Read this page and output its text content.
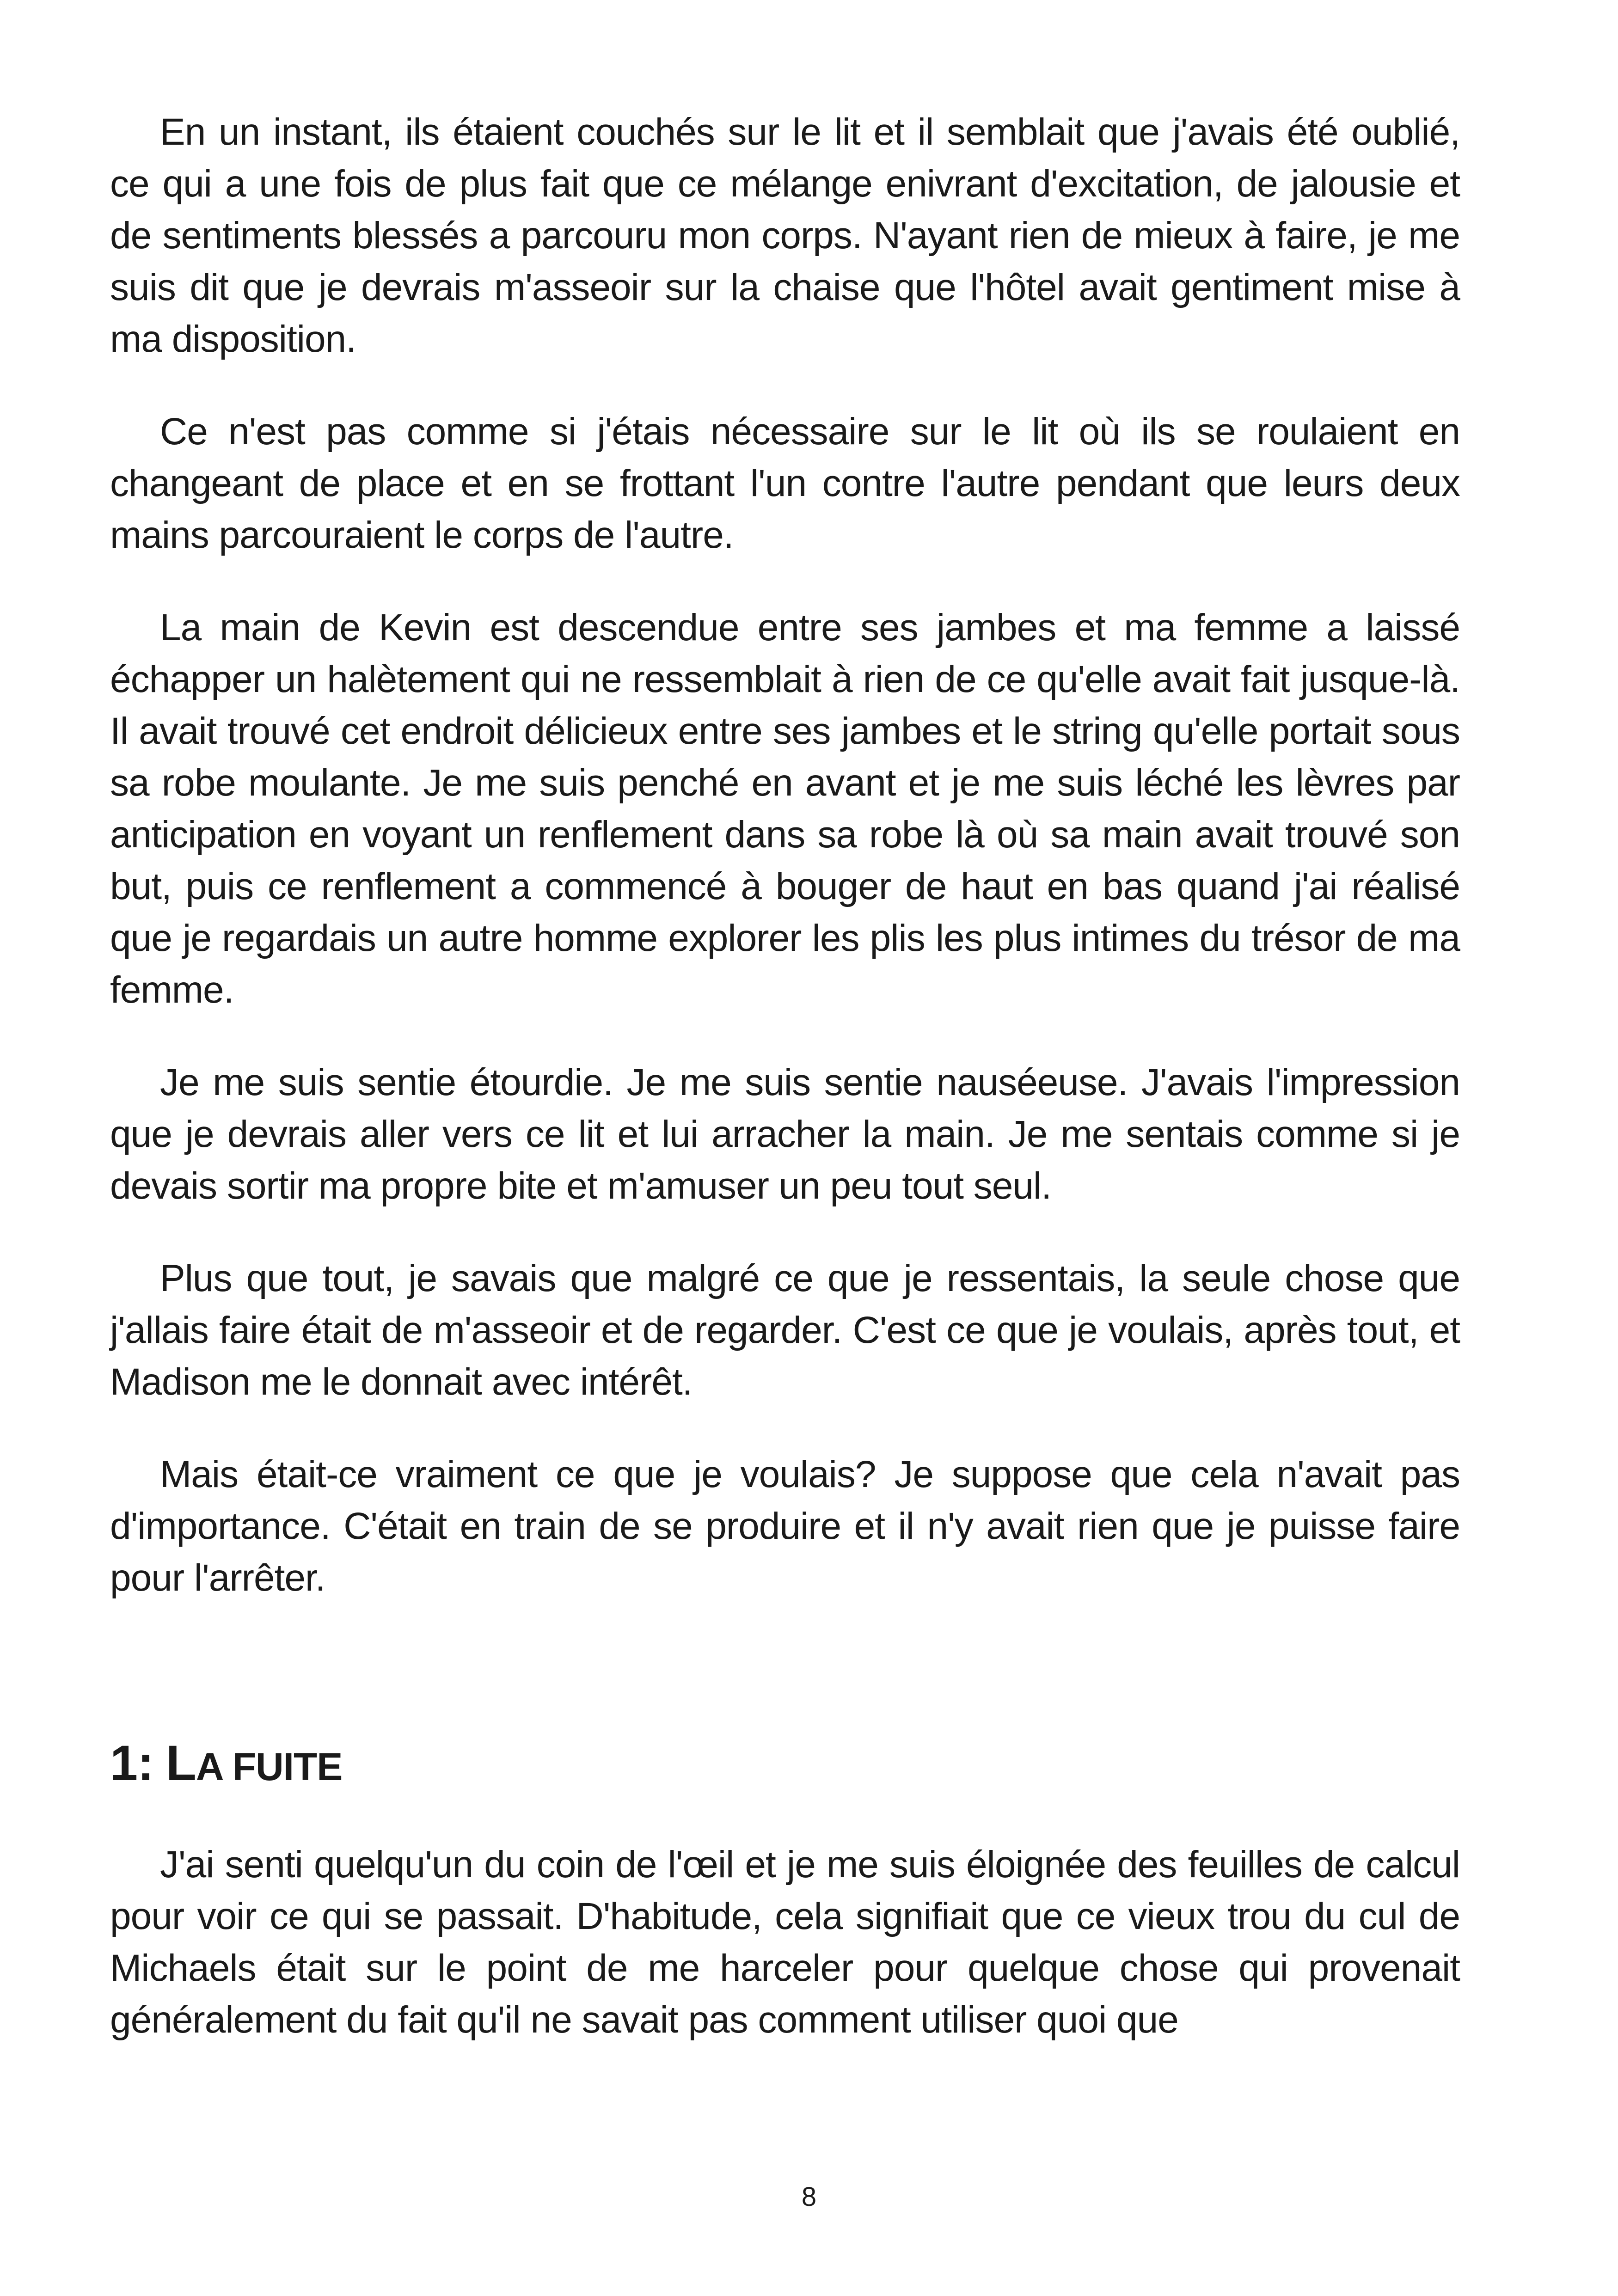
En un instant, ils étaient couchés sur le lit et il semblait que j'avais été oublié, ce qui a une fois de plus fait que ce mélange enivrant d'excitation, de jalousie et de sentiments blessés a parcouru mon corps. N'ayant rien de mieux à faire, je me suis dit que je devrais m'asseoir sur la chaise que l'hôtel avait gentiment mise à ma disposition.

Ce n'est pas comme si j'étais nécessaire sur le lit où ils se roulaient en changeant de place et en se frottant l'un contre l'autre pendant que leurs deux mains parcouraient le corps de l'autre.

La main de Kevin est descendue entre ses jambes et ma femme a laissé échapper un halètement qui ne ressemblait à rien de ce qu'elle avait fait jusque-là. Il avait trouvé cet endroit délicieux entre ses jambes et le string qu'elle portait sous sa robe moulante. Je me suis penché en avant et je me suis léché les lèvres par anticipation en voyant un renflement dans sa robe là où sa main avait trouvé son but, puis ce renflement a commencé à bouger de haut en bas quand j'ai réalisé que je regardais un autre homme explorer les plis les plus intimes du trésor de ma femme.

Je me suis sentie étourdie. Je me suis sentie nauséeuse. J'avais l'impression que je devrais aller vers ce lit et lui arracher la main. Je me sentais comme si je devais sortir ma propre bite et m'amuser un peu tout seul.

Plus que tout, je savais que malgré ce que je ressentais, la seule chose que j'allais faire était de m'asseoir et de regarder. C'est ce que je voulais, après tout, et Madison me le donnait avec intérêt.

Mais était-ce vraiment ce que je voulais? Je suppose que cela n'avait pas d'importance. C'était en train de se produire et il n'y avait rien que je puisse faire pour l'arrêter.

1: LA FUITE

J'ai senti quelqu'un du coin de l'œil et je me suis éloignée des feuilles de calcul pour voir ce qui se passait. D'habitude, cela signifiait que ce vieux trou du cul de Michaels était sur le point de me harceler pour quelque chose qui provenait généralement du fait qu'il ne savait pas comment utiliser quoi que

8
